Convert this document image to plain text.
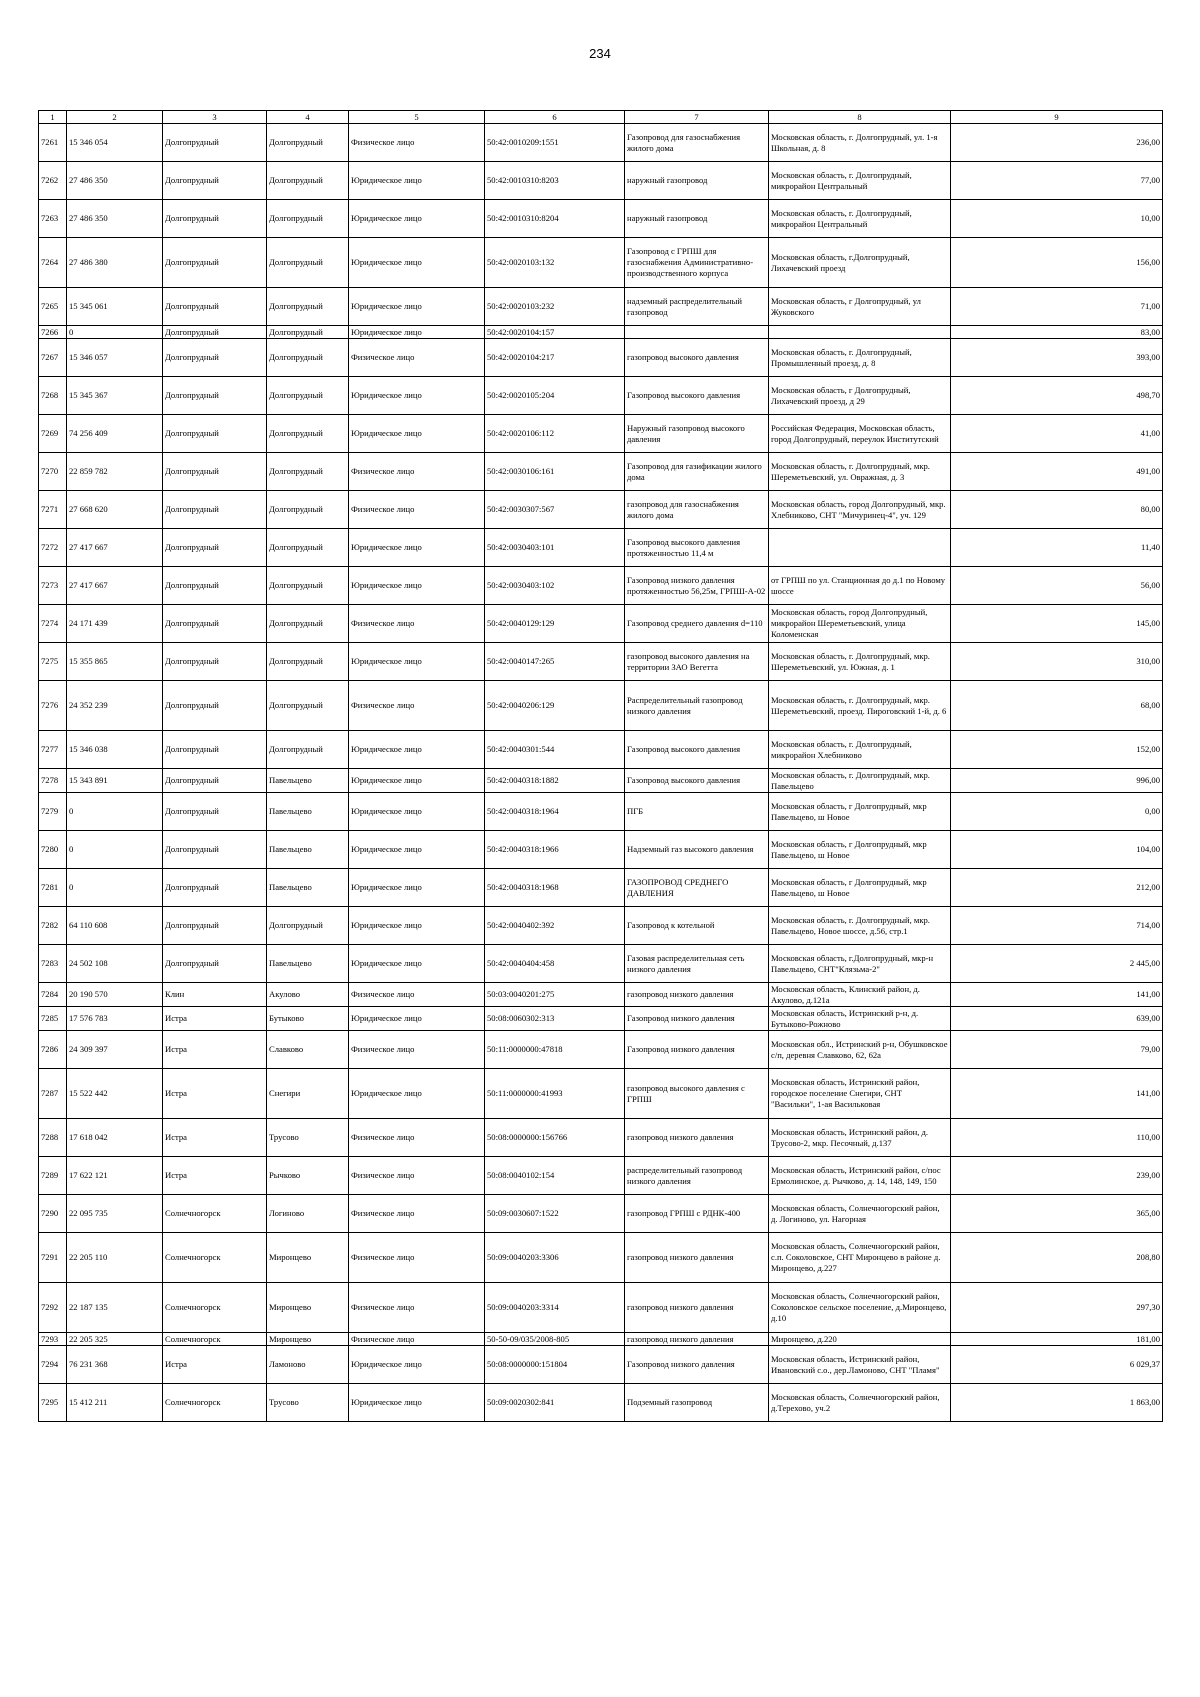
234
1	2	3	4	5	6	7	8	9
7261	15 346 054	Долгопрудный	Долгопрудный	Физическое лицо	50:42:0010209:1551	Газопровод для газоснабжения жилого дома	Московская область, г. Долгопрудный, ул. 1-я Школьная, д. 8	236,00
7262	27 486 350	Долгопрудный	Долгопрудный	Юридическое лицо	50:42:0010310:8203	наружный газопровод	Московская область, г. Долгопрудный, микрорайон Центральный	77,00
7263	27 486 350	Долгопрудный	Долгопрудный	Юридическое лицо	50:42:0010310:8204	наружный газопровод	Московская область, г. Долгопрудный, микрорайон Центральный	10,00
7264	27 486 380	Долгопрудный	Долгопрудный	Юридическое лицо	50:42:0020103:132	Газопровод с ГРПШ для газоснабжения Административно-производственного корпуса	Московская область, г.Долгопрудный, Лихачевский проезд	156,00
7265	15 345 061	Долгопрудный	Долгопрудный	Юридическое лицо	50:42:0020103:232	надземный распределительный газопровод	Московская область, г Долгопрудный, ул Жуковского	71,00
7266	0	Долгопрудный	Долгопрудный	Юридическое лицо	50:42:0020104:157			83,00
7267	15 346 057	Долгопрудный	Долгопрудный	Физическое лицо	50:42:0020104:217	газопровод высокого давления	Московская область, г. Долгопрудный, Промышленный проезд, д. 8	393,00
7268	15 345 367	Долгопрудный	Долгопрудный	Юридическое лицо	50:42:0020105:204	Газопровод высокого давления	Московская область, г Долгопрудный, Лихачевский проезд, д 29	498,70
7269	74 256 409	Долгопрудный	Долгопрудный	Юридическое лицо	50:42:0020106:112	Наружный газопровод высокого давления	Российская Федерация, Московская область, город Долгопрудный, переулок Институтский	41,00
7270	22 859 782	Долгопрудный	Долгопрудный	Физическое лицо	50:42:0030106:161	Газопровод для газификации жилого дома	Московская область, г. Долгопрудный, мкр. Шереметьевский, ул. Овражная, д. 3	491,00
7271	27 668 620	Долгопрудный	Долгопрудный	Физическое лицо	50:42:0030307:567	газопровод для газоснабжения жилого дома	Московская область, город Долгопрудный, мкр. Хлебниково, СНТ "Мичуринец-4", уч. 129	80,00
7272	27 417 667	Долгопрудный	Долгопрудный	Юридическое лицо	50:42:0030403:101	Газопровод высокого давления протяженностью 11,4 м		11,40
7273	27 417 667	Долгопрудный	Долгопрудный	Юридическое лицо	50:42:0030403:102	Газопровод низкого давления протяженностью 56,25м, ГРПШ-А-02	от ГРПШ по ул. Станционная до д.1 по Новому шоссе	56,00
7274	24 171 439	Долгопрудный	Долгопрудный	Физическое лицо	50:42:0040129:129	Газопровод среднего давления d=110	Московская область, город Долгопрудный, микрорайон Шереметьевский, улица Коломенская	145,00
7275	15 355 865	Долгопрудный	Долгопрудный	Юридическое лицо	50:42:0040147:265	газопровод высокого давления на территории ЗАО Вегетта	Московская область, г. Долгопрудный, мкр. Шереметьевский, ул. Южная, д. 1	310,00
7276	24 352 239	Долгопрудный	Долгопрудный	Физическое лицо	50:42:0040206:129	Распределительный газопровод низкого давления	Московская область, г. Долгопрудный, мкр. Шереметьевский, проезд. Пироговский 1-й, д. 6	68,00
7277	15 346 038	Долгопрудный	Долгопрудный	Юридическое лицо	50:42:0040301:544	Газопровод высокого давления	Московская область, г. Долгопрудный, микрорайон Хлебниково	152,00
7278	15 343 891	Долгопрудный	Павельцево	Юридическое лицо	50:42:0040318:1882	Газопровод высокого давления	Московская область, г. Долгопрудный, мкр. Павельцево	996,00
7279	0	Долгопрудный	Павельцево	Юридическое лицо	50:42:0040318:1964	ПГБ	Московская область, г Долгопрудный, мкр Павельцево, ш Новое	0,00
7280	0	Долгопрудный	Павельцево	Юридическое лицо	50:42:0040318:1966	Надземный газ высокого давления	Московская область, г Долгопрудный, мкр Павельцево, ш Новое	104,00
7281	0	Долгопрудный	Павельцево	Юридическое лицо	50:42:0040318:1968	ГАЗОПРОВОД СРЕДНЕГО ДАВЛЕНИЯ	Московская область, г Долгопрудный, мкр Павельцево, ш Новое	212,00
7282	64 110 608	Долгопрудный	Долгопрудный	Юридическое лицо	50:42:0040402:392	Газопровод к котельной	Московская область, г. Долгопрудный, мкр. Павельцево, Новое шоссе, д.56, стр.1	714,00
7283	24 502 108	Долгопрудный	Павельцево	Юридическое лицо	50:42:0040404:458	Газовая распределительная сеть низкого давления	Московская область, г.Долгопрудный, мкр-н Павельцево, СНТ"Клязьма-2"	2 445,00
7284	20 190 570	Клин	Акулово	Физическое лицо	50:03:0040201:275	газопровод низкого давления	Московская область, Клинский район, д. Акулово, д.121а	141,00
7285	17 576 783	Истра	Бутыково	Юридическое лицо	50:08:0060302:313	Газопровод низкого давления	Московская область, Истринский р-н, д. Бутыково-Рожново	639,00
7286	24 309 397	Истра	Славково	Физическое лицо	50:11:0000000:47818	Газопровод низкого давления	Московская обл., Истринский р-н, Обушковское с/п, деревня Славково, 62, 62а	79,00
7287	15 522 442	Истра	Снегири	Юридическое лицо	50:11:0000000:41993	газопровод высокого давления с ГРПШ	Московская область, Истринский район, городское поселение Снегири, СНТ "Васильки", 1-ая Васильковая	141,00
7288	17 618 042	Истра	Трусово	Физическое лицо	50:08:0000000:156766	газопровод низкого давления	Московская область, Истринский район, д. Трусово-2, мкр. Песочный, д.137	110,00
7289	17 622 121	Истра	Рычково	Физическое лицо	50:08:0040102:154	распределительный газопровод низкого давления	Московская область, Истринский район, с/пос Ермолинское, д. Рычково, д. 14, 148, 149, 150	239,00
7290	22 095 735	Солнечногорск	Логиново	Физическое лицо	50:09:0030607:1522	газопровод ГРПШ с РДНК-400	Московская область, Солнечногорский район, д. Логиново, ул. Нагорная	365,00
7291	22 205 110	Солнечногорск	Миронцево	Физическое лицо	50:09:0040203:3306	газопровод низкого давления	Московская область, Солнечногорский район, с.п. Соколовское, СНТ Миронцево в районе д. Миронцево, д.227	208,80
7292	22 187 135	Солнечногорск	Миронцево	Физическое лицо	50:09:0040203:3314	газопровод низкого давления	Московская область, Солнечногорский район, Соколовское сельское поселение, д.Миронцево, д.10	297,30
7293	22 205 325	Солнечногорск	Миронцево	Физическое лицо	50-50-09/035/2008-805	газопровод низкого давления	Миронцево, д.220	181,00
7294	76 231 368	Истра	Ламоново	Юридическое лицо	50:08:0000000:151804	Газопровод низкого давления	Московская область, Истринский район, Ивановский с.о., дер.Ламоново, СНТ "Пламя"	6 029,37
7295	15 412 211	Солнечногорск	Трусово	Юридическое лицо	50:09:0020302:841	Подземный газопровод	Московская область, Солнечногорский район, д.Терехово, уч.2	1 863,00
